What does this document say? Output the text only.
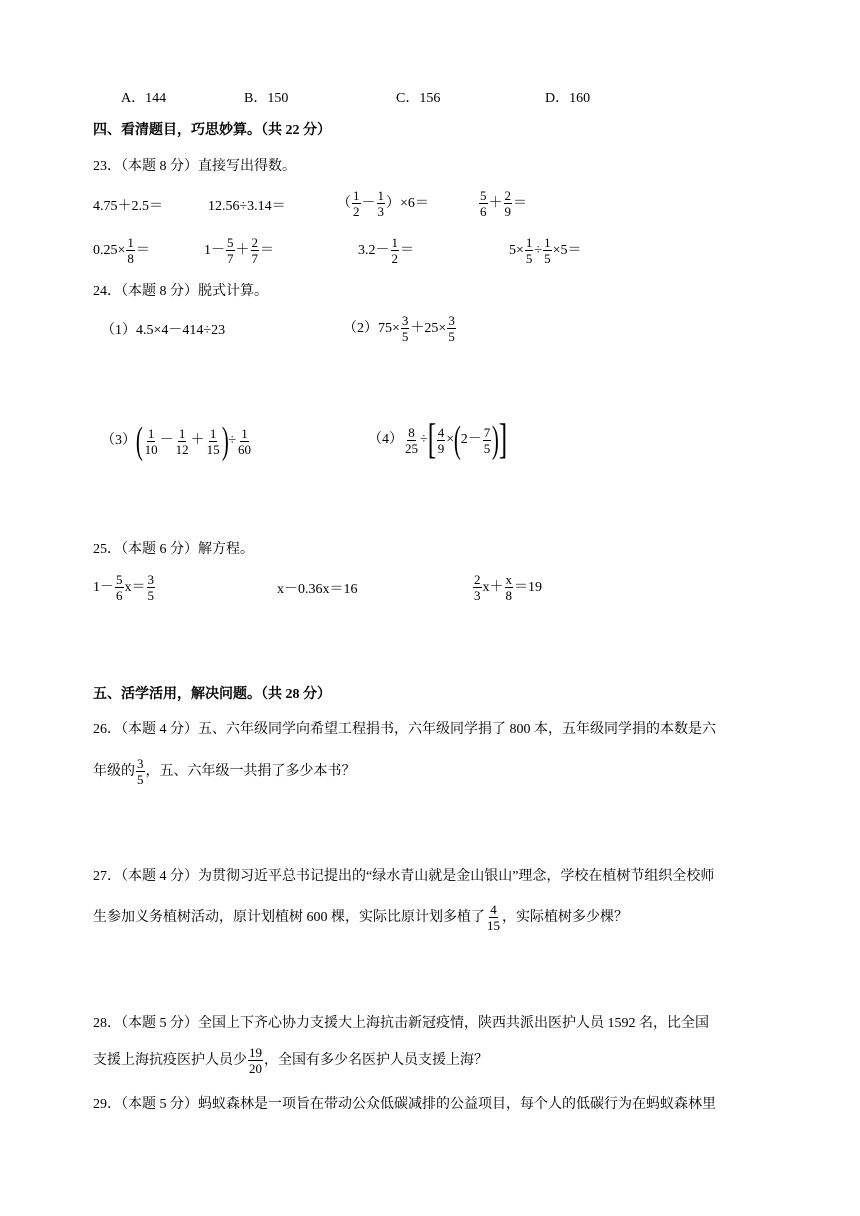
A．144	B．150	C．156	D．160
四、看清题目，巧思妙算。（共 22 分）
23．（本题 8 分）直接写出得数。
4.75＋2.5＝	12.56÷3.14＝	（ $\frac{1}{2} - \frac{1}{3} )\times 6=$	$\frac{5}{6} + \frac{2}{9}$ ＝
$0.25\times \frac{1}{8}$ ＝	$1- \frac{5}{7} + \frac{2}{7}$ ＝	$3.2- \frac{1}{2}$ ＝	$5\times \frac{1}{5} \div \frac{1}{5} \times 5=$
24．（本题 8 分）脱式计算。
（1）4.5×4－414÷23	$(2)75\times \frac{3}{5} +25\times \frac{3}{5}$
（3） ( $\frac{1}{10} - \frac{1}{12} + \frac{1}{15}$ ) ÷ $\frac{1}{60}$	$(4) \frac{8}{25}$ ÷ [ $\frac{4}{9}$ × ( $2- \frac{7}{5}$ ) ]
25．（本题 6 分）解方程。
$1- \frac{5}{6} x= \frac{3}{5}$	x－0.36x＝16	$\frac{2}{3} x+ \frac{x}{8} =19$
五、活学活用，解决问题。（共 28 分）
26．（本题 4 分）五、六年级同学向希望工程捐书，六年级同学捐了 800 本，五年级同学捐的本数是六
年级的 $\frac{3}{5}$ ，五、六年级一共捐了多少本书？
27．（本题 4 分）为贯彻习近平总书记提出的“绿水青山就是金山银山”理念，学校在植树节组织全校师
生参加义务植树活动，原计划植树 600 棵，实际比原计划多植了 $\frac{4}{15}$ ，实际植树多少棵？
28．（本题 5 分）全国上下齐心协力支援大上海抗击新冠疫情，陕西共派出医护人员 1592 名，比全国
支援上海抗疫医护人员少 $\frac{19}{20}$ ，全国有多少名医护人员支援上海？
29．（本题 5 分）蚂蚁森林是一项旨在带动公众低碳减排的公益项目，每个人的低碳行为在蚂蚁森林里
